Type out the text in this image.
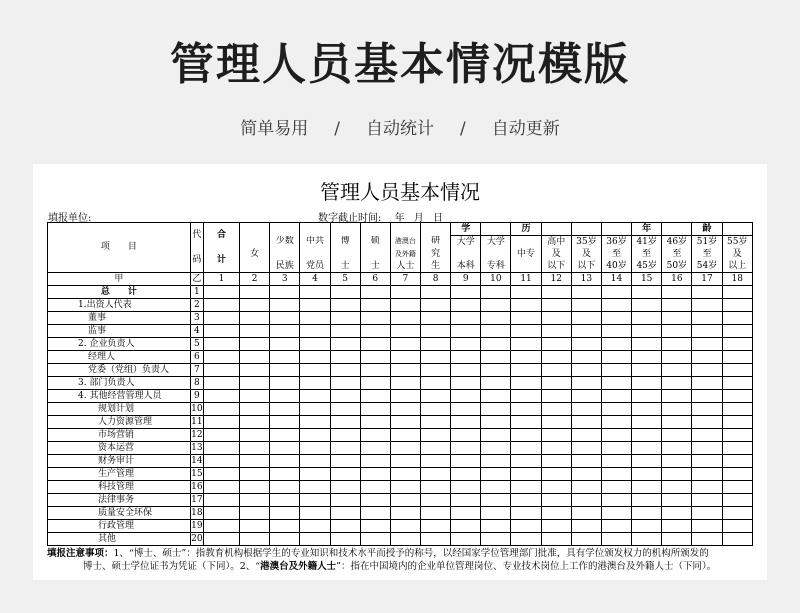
管理人员基本情况模版
简单易用 / 自动统计 / 自动更新
管理人员基本情况
填报单位:	数字截止时间: 年 月 日
项　　目	代	合								学		历				年		龄	
				少数	中共	博	硕	港澳台	研	大学	大学		高中	35岁	36岁	41岁	46岁	51岁	55岁
	码	计	女					及外籍	究			中专	及	及	至	至	至	至	及
				民族	党员	士	士	人士	生	本科	专科		以下	以下	40岁	45岁	50岁	54岁	以上
甲	乙	1	2	3	4	5	6	7	8	9	10	11	12	13	14	15	16	17	18
总　　计	1																		
1.出资人代表	2																		
董事	3																		
监事	4																		
2. 企业负责人	5																		
经理人	6																		
党委（党组）负责人	7																		
3. 部门负责人	8																		
4. 其他经营管理人员	9																		
规划计划	10																		
人力资源管理	11																		
市场营销	12																		
资本运营	13																		
财务审计	14																		
生产管理	15																		
科技管理	16																		
法律事务	17																		
质量安全环保	18																		
行政管理	19																		
其他	20																		
填报注意事项：1、“博士、硕士”：指教育机构根据学生的专业知识和技术水平而授予的称号，以经国家学位管理部门批准，具有学位颁发权力的机构所颁发的
博士、硕士学位证书为凭证（下同）。2、“港澳台及外籍人士”：指在中国境内的企业单位管理岗位、专业技术岗位上工作的港澳台及外籍人士（下同）。
